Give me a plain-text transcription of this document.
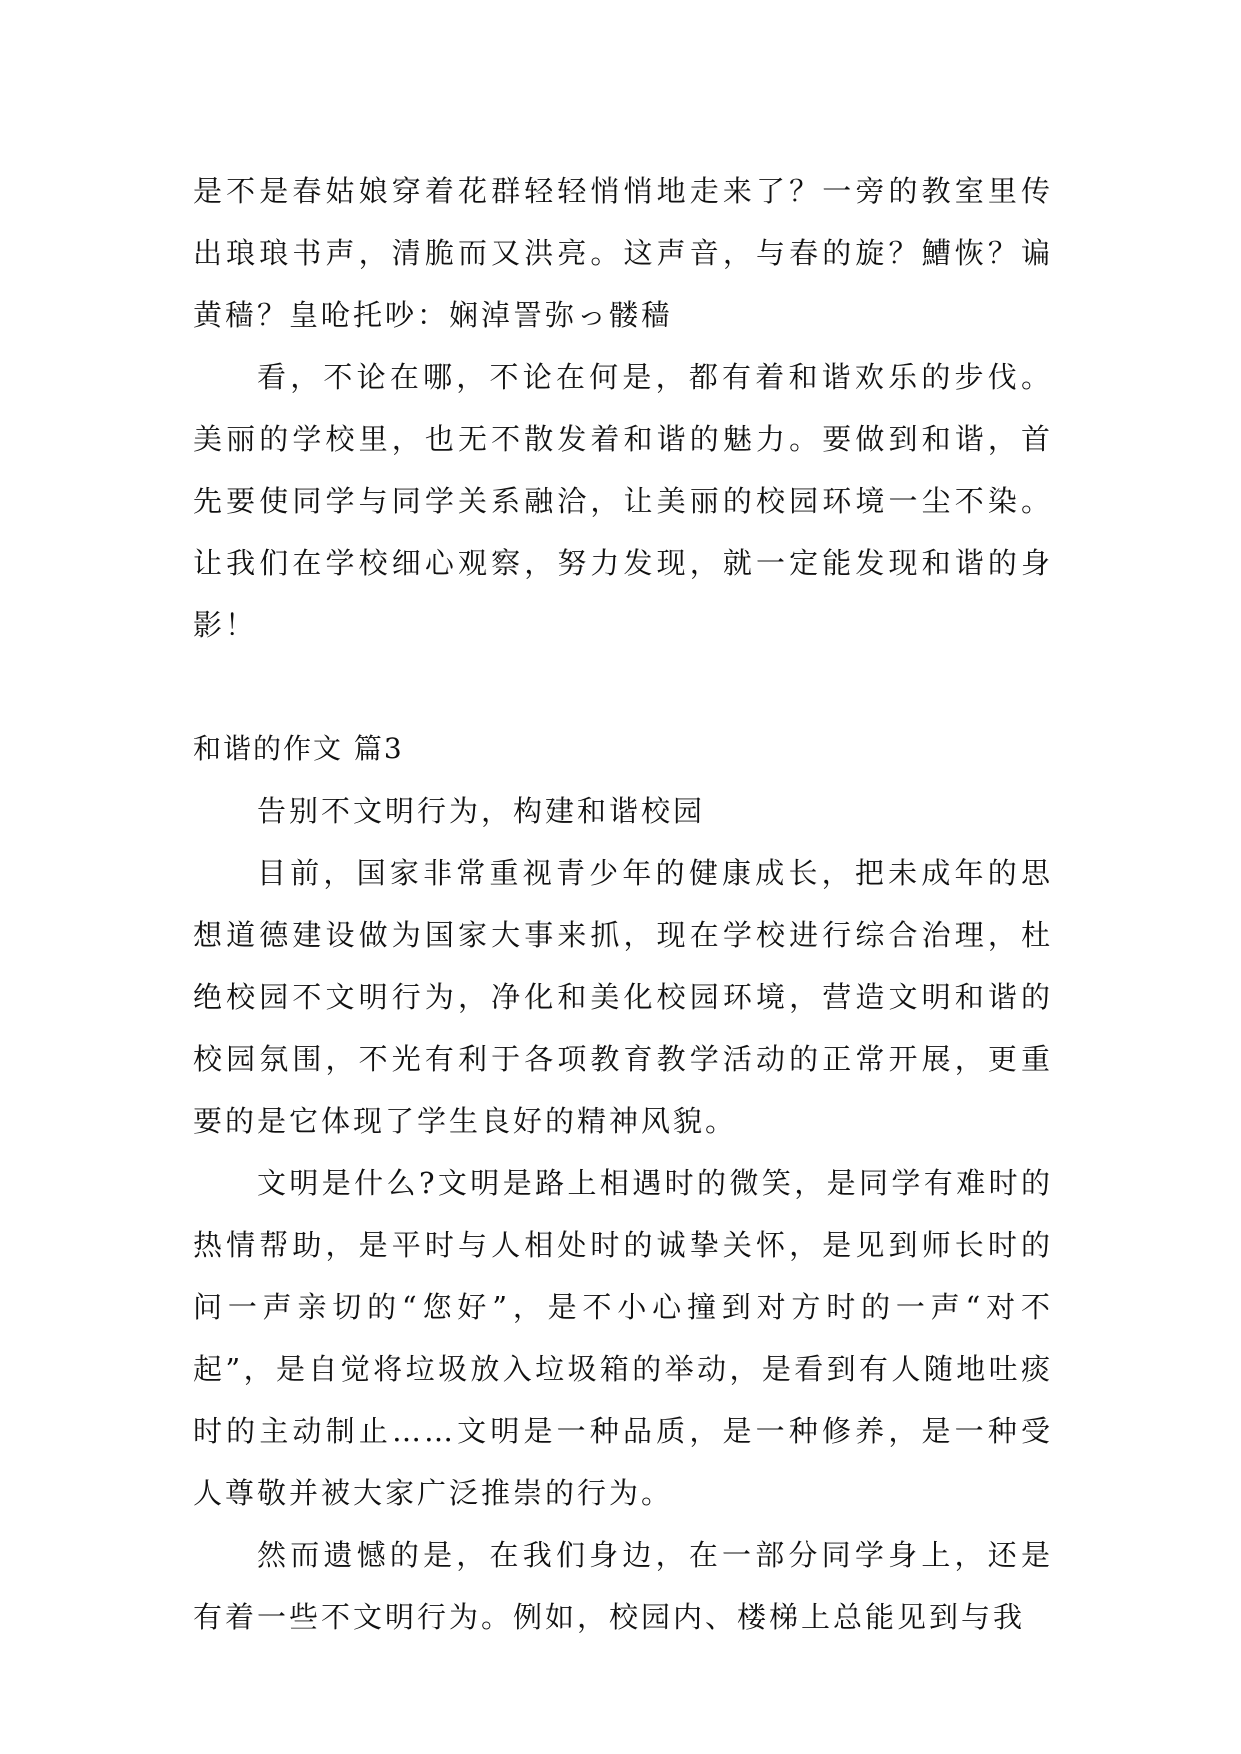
是不是春姑娘穿着花群轻轻悄悄地走来了？一旁的教室里传出琅琅书声，清脆而又洪亮。这声音，与春的旋？鰽恢？谝黄穑？皇呛托吵：娴淖詈弥っ髅穑

看，不论在哪，不论在何是，都有着和谐欢乐的步伐。美丽的学校里，也无不散发着和谐的魅力。要做到和谐，首先要使同学与同学关系融洽，让美丽的校园环境一尘不染。让我们在学校细心观察，努力发现，就一定能发现和谐的身影！

和谐的作文 篇3

告别不文明行为，构建和谐校园

目前，国家非常重视青少年的健康成长，把未成年的思想道德建设做为国家大事来抓，现在学校进行综合治理，杜绝校园不文明行为，净化和美化校园环境，营造文明和谐的校园氛围，不光有利于各项教育教学活动的正常开展，更重要的是它体现了学生良好的精神风貌。

文明是什么?文明是路上相遇时的微笑，是同学有难时的热情帮助，是平时与人相处时的诚挚关怀，是见到师长时的问一声亲切的“您好”，是不小心撞到对方时的一声“对不起”，是自觉将垃圾放入垃圾箱的举动，是看到有人随地吐痰时的主动制止……文明是一种品质，是一种修养，是一种受人尊敬并被大家广泛推崇的行为。

然而遗憾的是，在我们身边，在一部分同学身上，还是有着一些不文明行为。例如，校园内、楼梯上总能见到与我
